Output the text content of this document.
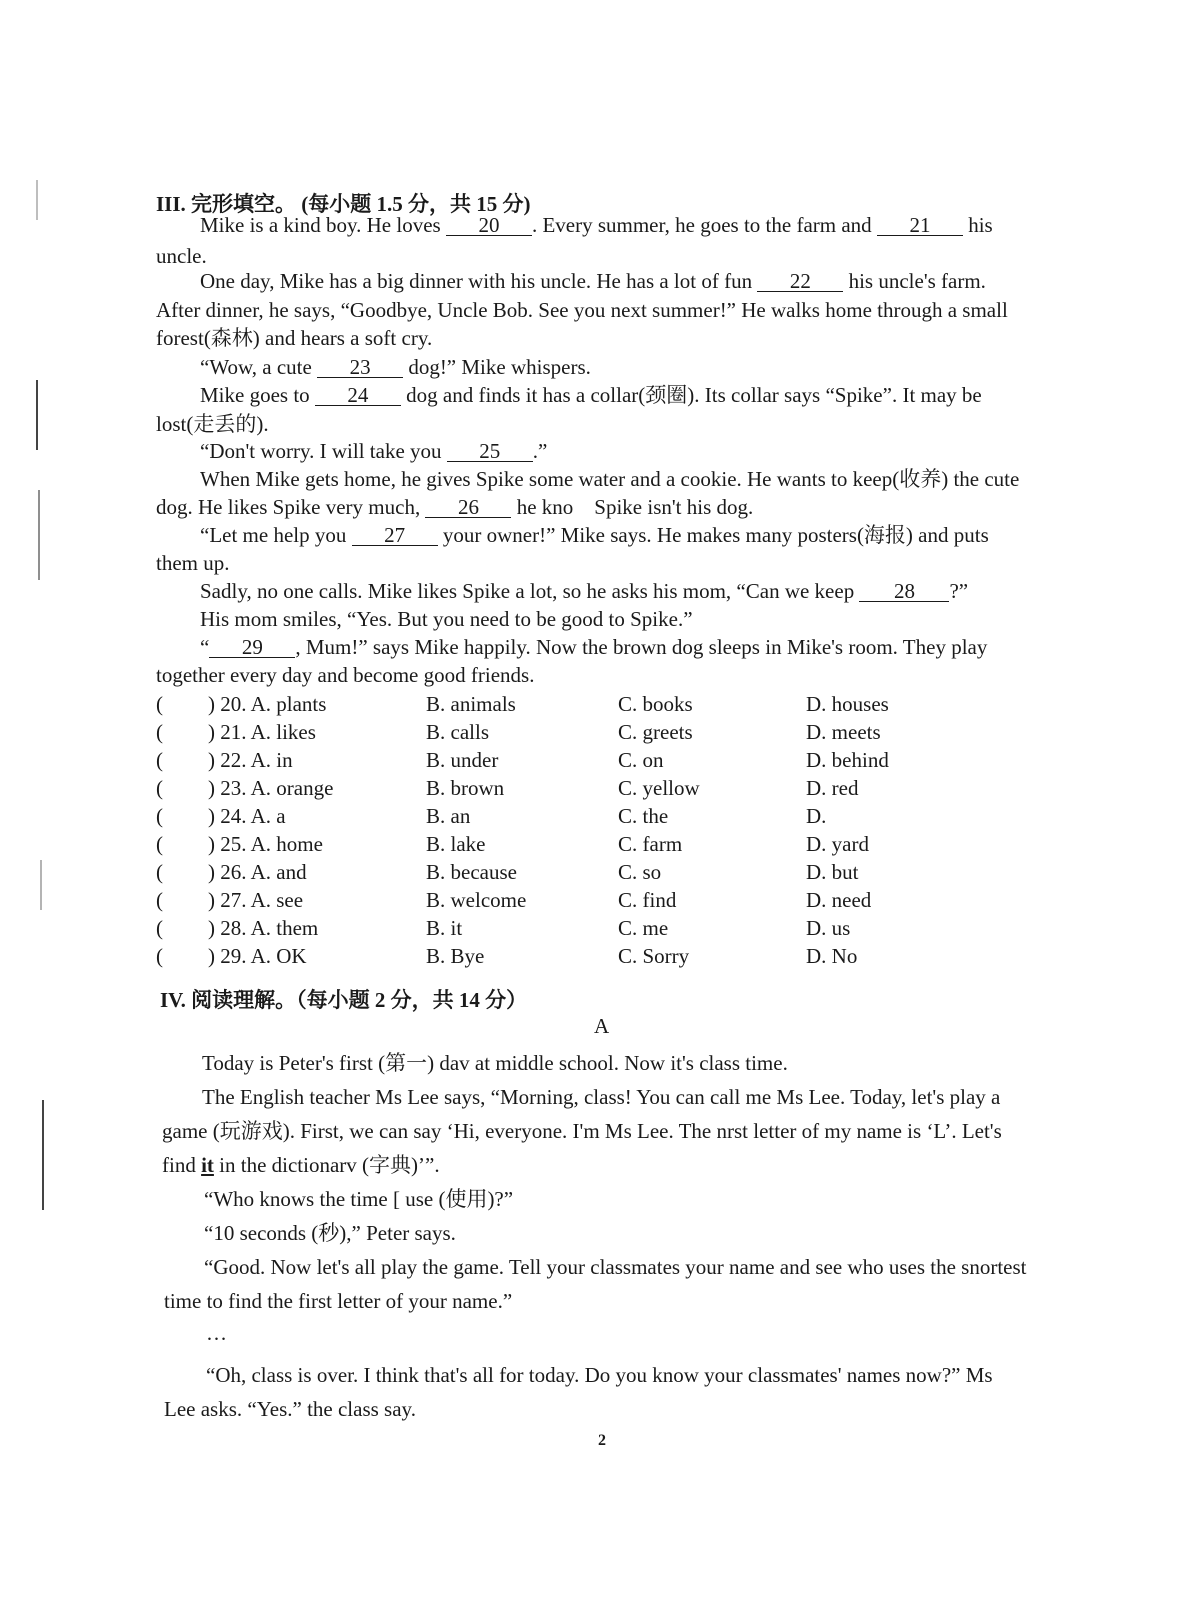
III. 完形填空。 (每小题 1.5 分，共 15 分)
Mike is a kind boy. He loves 20 . Every summer, he goes to the farm and 21 his
uncle.
One day, Mike has a big dinner with his uncle. He has a lot of fun 22 his uncle's farm.
After dinner, he says, “Goodbye, Uncle Bob. See you next summer!” He walks home through a small
forest(森林) and hears a soft cry.
“Wow, a cute 23 dog!” Mike whispers.
Mike goes to 24 dog and finds it has a collar(颈圈). Its collar says “Spike”. It may be
lost(走丢的).
“Don't worry. I will take you 25 .”
When Mike gets home, he gives Spike some water and a cookie. He wants to keep(收养) the cute
dog. He likes Spike very much, 26 he kno    Spike isn't his dog.
“Let me help you 27 your owner!” Mike says. He makes many posters(海报) and puts
them up.
Sadly, no one calls. Mike likes Spike a lot, so he asks his mom, “Can we keep 28 ?”
His mom smiles, “Yes. But you need to be good to Spike.”
“ 29 , Mum!” says Mike happily. Now the brown dog sleeps in Mike's room. They play
together every day and become good friends.
( ) 20. A. plants	B. animals	C. books	D. houses
( ) 21. A. likes	B. calls	C. greets	D. meets
( ) 22. A. in	B. under	C. on	D. behind
( ) 23. A. orange	B. brown	C. yellow	D. red
( ) 24. A. a	B. an	C. the	D.
( ) 25. A. home	B. lake	C. farm	D. yard
( ) 26. A. and	B. because	C. so	D. but
( ) 27. A. see	B. welcome	C. find	D. need
( ) 28. A. them	B. it	C. me	D. us
( ) 29. A. OK	B. Bye	C. Sorry	D. No
IV. 阅读理解。（每小题 2 分，共 14 分）
A
Today is Peter's first (第一) dav at middle school. Now it's class time.
The English teacher Ms Lee says, “Morning, class! You can call me Ms Lee. Today, let's play a
game (玩游戏). First, we can say ‘Hi, everyone. I'm Ms Lee. The nrst letter of my name is ‘L’. Let's
find it in the dictionarv (字典)’”.
“Who knows the time [ use (使用)?”
“10 seconds (秒),” Peter says.
“Good. Now let's all play the game. Tell your classmates your name and see who uses the snortest
time to find the first letter of your name.”
…
“Oh, class is over. I think that's all for today. Do you know your classmates' names now?” Ms
Lee asks. “Yes.” the class say.
2
